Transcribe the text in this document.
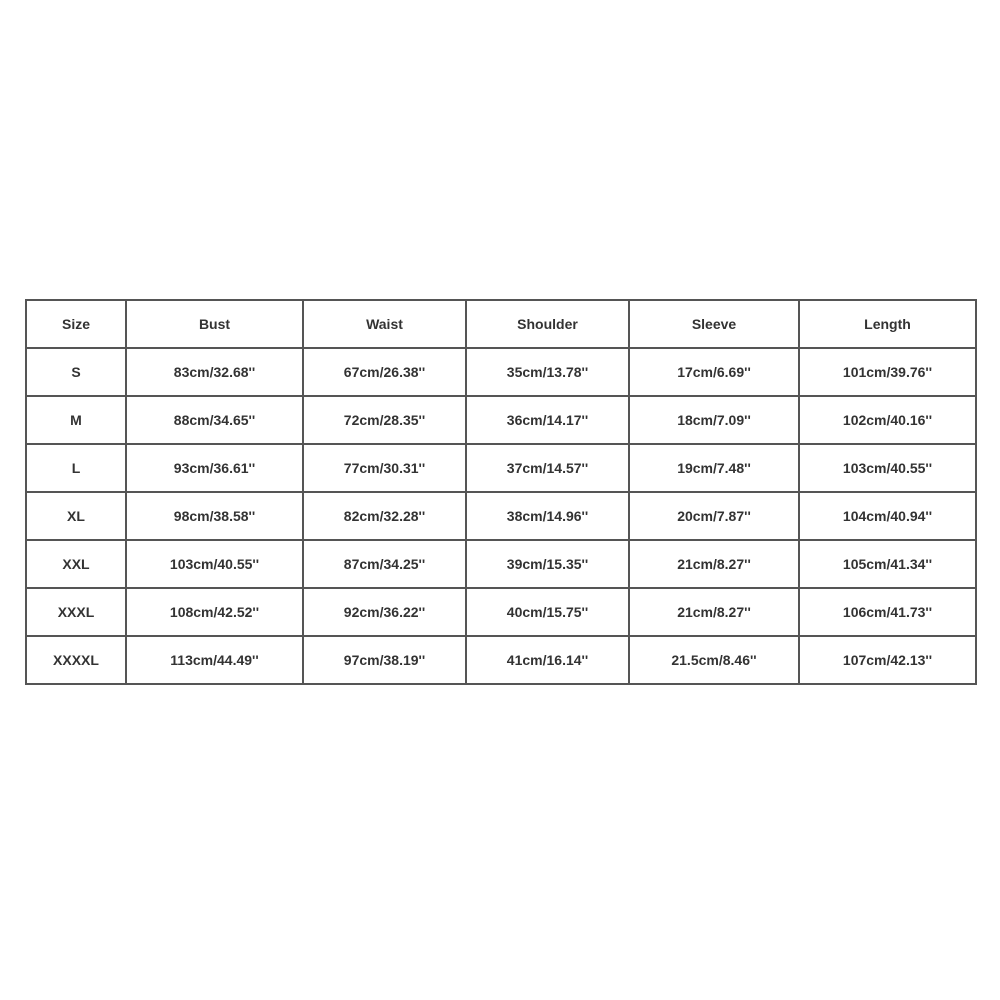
Size	Bust	Waist	Shoulder	Sleeve	Length
S	83cm/32.68''	67cm/26.38''	35cm/13.78''	17cm/6.69''	101cm/39.76''
M	88cm/34.65''	72cm/28.35''	36cm/14.17''	18cm/7.09''	102cm/40.16''
L	93cm/36.61''	77cm/30.31''	37cm/14.57''	19cm/7.48''	103cm/40.55''
XL	98cm/38.58''	82cm/32.28''	38cm/14.96''	20cm/7.87''	104cm/40.94''
XXL	103cm/40.55''	87cm/34.25''	39cm/15.35''	21cm/8.27''	105cm/41.34''
XXXL	108cm/42.52''	92cm/36.22''	40cm/15.75''	21cm/8.27''	106cm/41.73''
XXXXL	113cm/44.49''	97cm/38.19''	41cm/16.14''	21.5cm/8.46''	107cm/42.13''
